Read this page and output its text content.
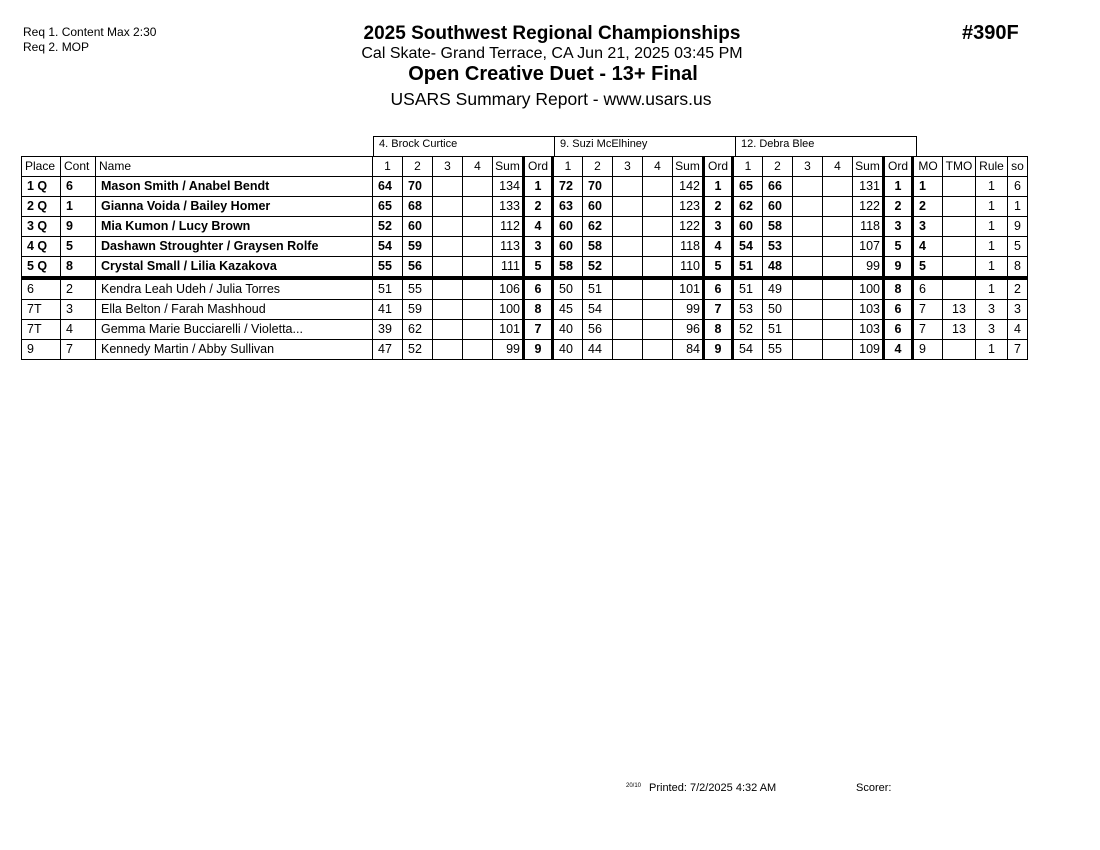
Req 1. Content Max 2:30
Req 2. MOP
2025 Southwest Regional Championships
Cal Skate- Grand Terrace, CA Jun 21, 2025 03:45 PM
Open Creative Duet - 13+ Final
USARS Summary Report - www.usars.us
#390F
4. Brock Curtice	9. Suzi McElhiney	12. Debra Blee
Place	Cont	Name	1	2	3	4	Sum	Ord	1	2	3	4	Sum	Ord	1	2	3	4	Sum	Ord	MO	TMO	Rule	so
1 Q	6	Mason Smith / Anabel Bendt	64	70			134	1	72	70			142	1	65	66			131	1	1		1	6
2 Q	1	Gianna Voida / Bailey Homer	65	68			133	2	63	60			123	2	62	60			122	2	2		1	1
3 Q	9	Mia Kumon / Lucy Brown	52	60			112	4	60	62			122	3	60	58			118	3	3		1	9
4 Q	5	Dashawn Stroughter / Graysen Rolfe	54	59			113	3	60	58			118	4	54	53			107	5	4		1	5
5 Q	8	Crystal Small / Lilia Kazakova	55	56			111	5	58	52			110	5	51	48			99	9	5		1	8
6	2	Kendra Leah Udeh / Julia Torres	51	55			106	6	50	51			101	6	51	49			100	8	6		1	2
7T	3	Ella Belton / Farah Mashhoud	41	59			100	8	45	54			99	7	53	50			103	6	7	13	3	3
7T	4	Gemma Marie Bucciarelli / Violetta...	39	62			101	7	40	56			96	8	52	51			103	6	7	13	3	4
9	7	Kennedy Martin / Abby Sullivan	47	52			99	9	40	44			84	9	54	55			109	4	9		1	7
20/10 Printed: 7/2/2025 4:32 AM	Scorer:
